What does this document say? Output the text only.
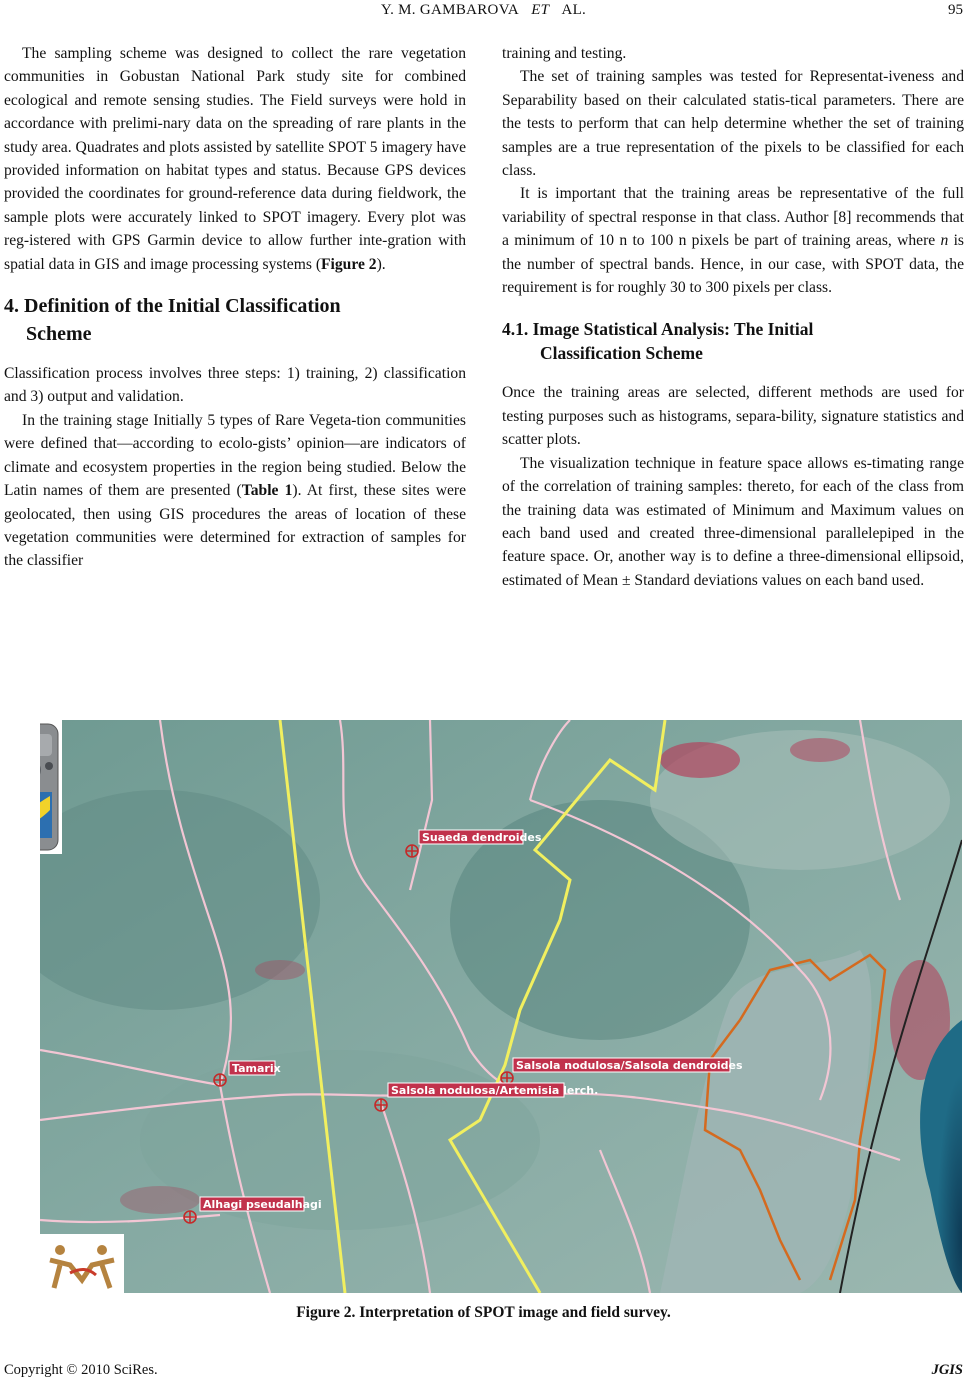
Y. M. GAMBAROVA ET AL.	95

The sampling scheme was designed to collect the rare vegetation communities in Gobustan National Park study site for combined ecological and remote sensing studies. The Field surveys were hold in accordance with prelimi-nary data on the spreading of rare plants in the study area. Quadrates and plots assisted by satellite SPOT 5 imagery have provided information on habitat types and status. Because GPS devices provided the coordinates for ground-reference data during fieldwork, the sample plots were accurately linked to SPOT imagery. Every plot was reg-istered with GPS Garmin device to allow further inte-gration with spatial data in GIS and image processing systems (Figure 2).

4. Definition of the Initial Classification
Scheme

Classification process involves three steps: 1) training, 2) classification and 3) output and validation.

In the training stage Initially 5 types of Rare Vegeta-tion communities were defined that—according to ecolo-gists’ opinion—are indicators of climate and ecosystem properties in the region being studied. Below the Latin names of them are presented (Table 1). At first, these sites were geolocated, then using GIS procedures the areas of location of these vegetation communities were determined for extraction of samples for the classifier

training and testing.

The set of training samples was tested for Representat-iveness and Separability based on their calculated statis-tical parameters. There are the tests to perform that can help determine whether the set of training samples are a true representation of the pixels to be classified for each class.

It is important that the training areas be representative of the full variability of spectral response in that class. Author [8] recommends that a minimum of 10 n to 100 n pixels be part of training areas, where n is the number of spectral bands. Hence, in our case, with SPOT data, the requirement is for roughly 30 to 300 pixels per class.

4.1. Image Statistical Analysis: The Initial
Classification Scheme

Once the training areas are selected, different methods are used for testing purposes such as histograms, separa-bility, signature statistics and scatter plots.

The visualization technique in feature space allows es-timating range of the correlation of training samples: thereto, for each of the class from the training data was estimated of Minimum and Maximum values on each band used and created three-dimensional parallelepiped in the feature space. Or, another way is to define a three-dimensional ellipsoid, estimated of Mean ± Standard deviations values on each band used.

Suaeda dendroides
Salsola nodulosa/Salsola dendroides
Salsola nodulosa/Artemisia lerch.
Tamarix
Alhagi pseudalhagi
Figure 2. Interpretation of SPOT image and field survey.
Copyright © 2010 SciRes.	JGIS
